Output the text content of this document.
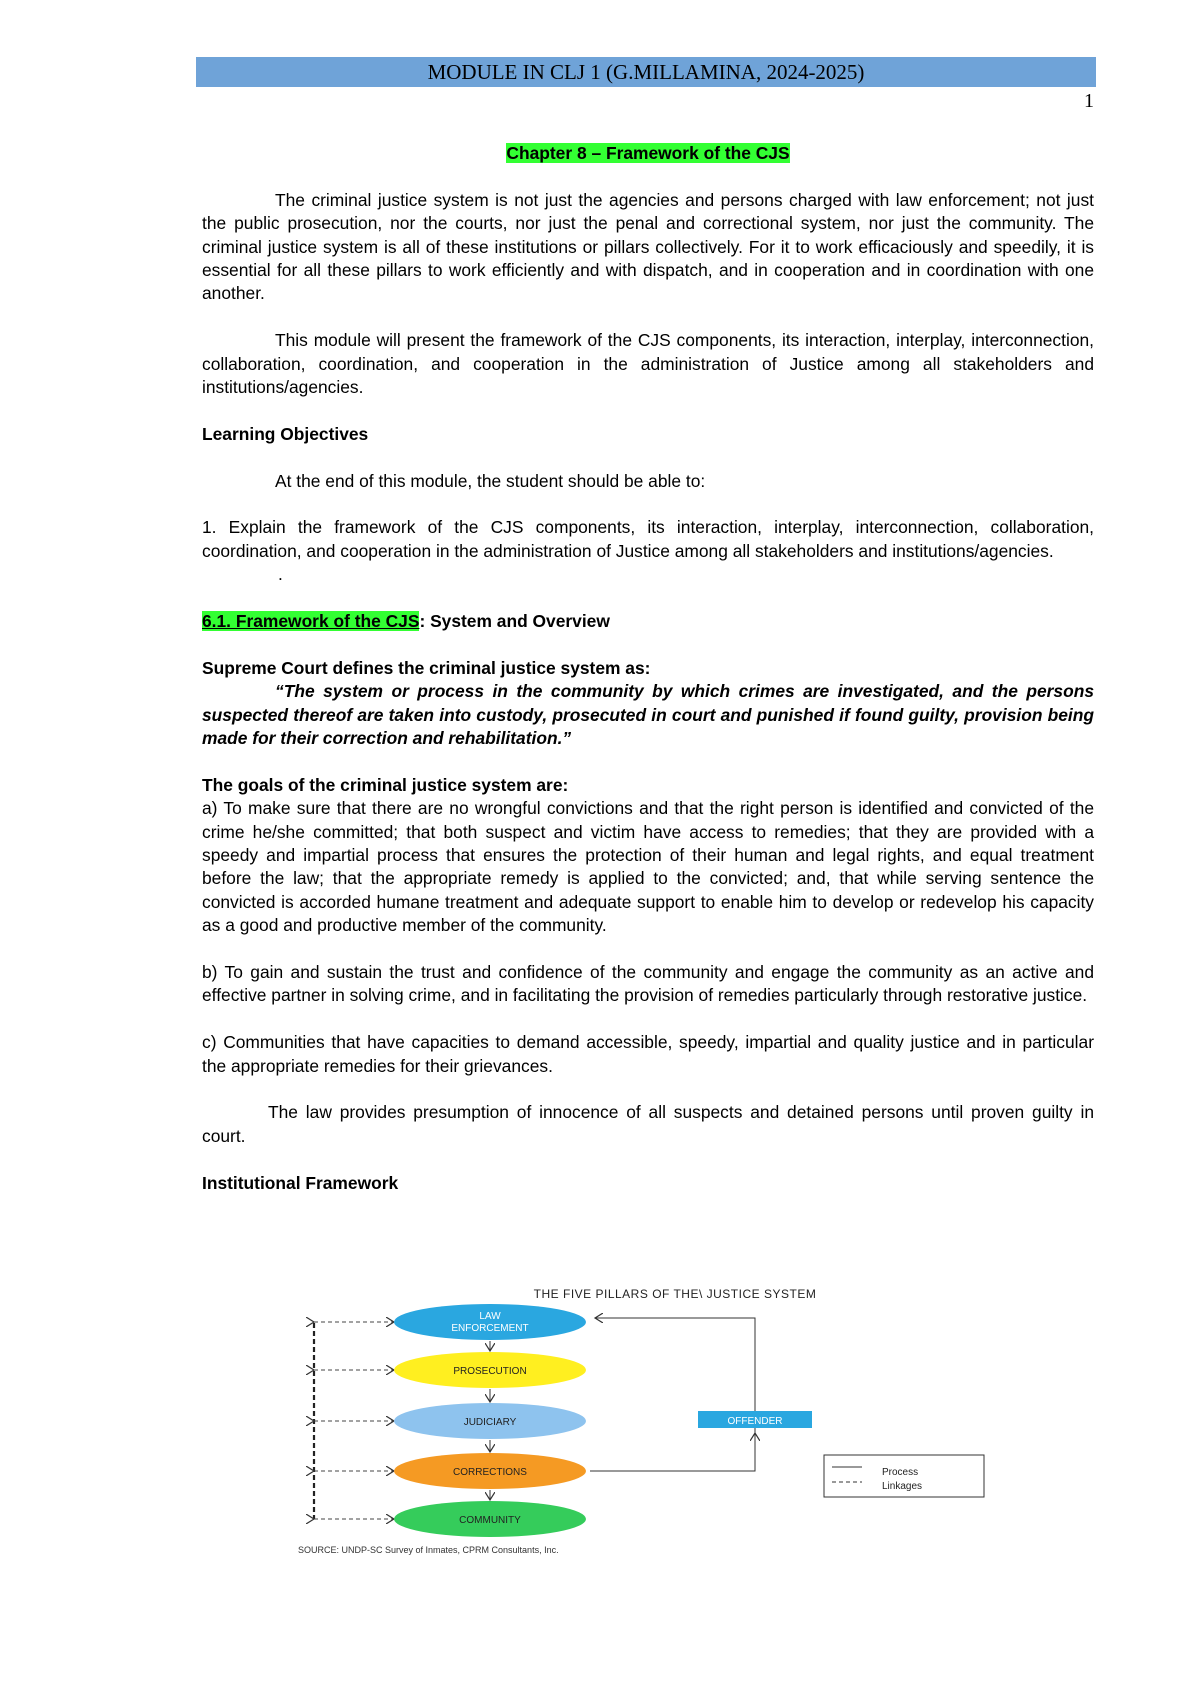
MODULE IN CLJ 1 (G.MILLAMINA, 2024-2025)
1

Chapter 8 – Framework of the CJS

The criminal justice system is not just the agencies and persons charged with law enforcement; not just the public prosecution, nor the courts, nor just the penal and correctional system, nor just the community. The criminal justice system is all of these institutions or pillars collectively. For it to work efficaciously and speedily, it is essential for all these pillars to work efficiently and with dispatch, and in cooperation and in coordination with one another.

This module will present the framework of the CJS components, its interaction, interplay, interconnection, collaboration, coordination, and cooperation in the administration of Justice among all stakeholders and institutions/agencies.

Learning Objectives

At the end of this module, the student should be able to:

1. Explain the framework of the CJS components, its interaction, interplay, interconnection, collaboration, coordination, and cooperation in the administration of Justice among all stakeholders and institutions/agencies.

.

6.1. Framework of the CJS: System and Overview

Supreme Court defines the criminal justice system as:

“The system or process in the community by which crimes are investigated, and the persons suspected thereof are taken into custody, prosecuted in court and punished if found guilty, provision being made for their correction and rehabilitation.”

The goals of the criminal justice system are:

a) To make sure that there are no wrongful convictions and that the right person is identified and convicted of the crime he/she committed; that both suspect and victim have access to remedies; that they are provided with a speedy and impartial process that ensures the protection of their human and legal rights, and equal treatment before the law; that the appropriate remedy is applied to the convicted; and, that while serving sentence the convicted is accorded humane treatment and adequate support to enable him to develop or redevelop his capacity as a good and productive member of the community.

b) To gain and sustain the trust and confidence of the community and engage the community as an active and effective partner in solving crime, and in facilitating the provision of remedies particularly through restorative justice.

c) Communities that have capacities to demand accessible, speedy, impartial and quality justice and in particular the appropriate remedies for their grievances.

The law provides presumption of innocence of all suspects and detained persons until proven guilty in court.

Institutional Framework

THE FIVE PILLARS OF THE\ JUSTICE SYSTEM
LAW
ENFORCEMENT
PROSECUTION
JUDICIARY
CORRECTIONS
COMMUNITY
OFFENDER
Process
Linkages
SOURCE: UNDP-SC Survey of Inmates, CPRM Consultants, Inc.
